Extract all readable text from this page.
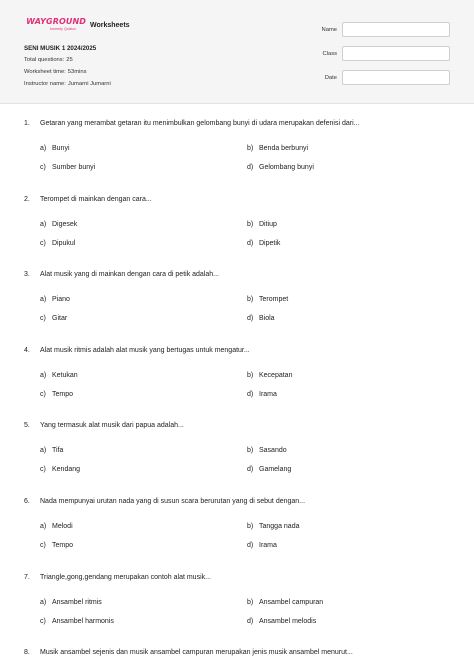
WAYGROUND
formerly Quizizz	Worksheets
SENI MUSIK 1 2024/2025
Total questions: 25
Worksheet time: 53mins
Instructor name: Jumarni Jumarni
Name
Class
Date
1. Getaran yang merambat getaran itu menimbulkan gelombang bunyi di udara merupakan defenisi dari...
a) Bunyi	b) Benda berbunyi
c) Sumber bunyi	d) Gelombang bunyi
2. Terompet di mainkan dengan cara...
a) Digesek	b) Ditiup
c) Dipukul	d) Dipetik
3. Alat musik yang di mainkan dengan cara di petik adalah...
a) Piano	b) Terompet
c) Gitar	d) Biola
4. Alat musik ritmis adalah alat musik yang bertugas untuk mengatur...
a) Ketukan	b) Kecepatan
c) Tempo	d) Irama
5. Yang termasuk alat musik dari papua adalah...
a) Tifa	b) Sasando
c) Kendang	d) Gamelang
6. Nada mempunyai urutan nada yang di susun scara berurutan yang di sebut dengan...
a) Melodi	b) Tangga nada
c) Tempo	d) Irama
7. Triangle,gong,gendang merupakan contoh alat musik...
a) Ansambel ritmis	b) Ansambel campuran
c) Ansambel harmonis	d) Ansambel melodis
8. Musik ansambel sejenis dan musik ansambel campuran merupakan jenis musik ansambel menurut...
